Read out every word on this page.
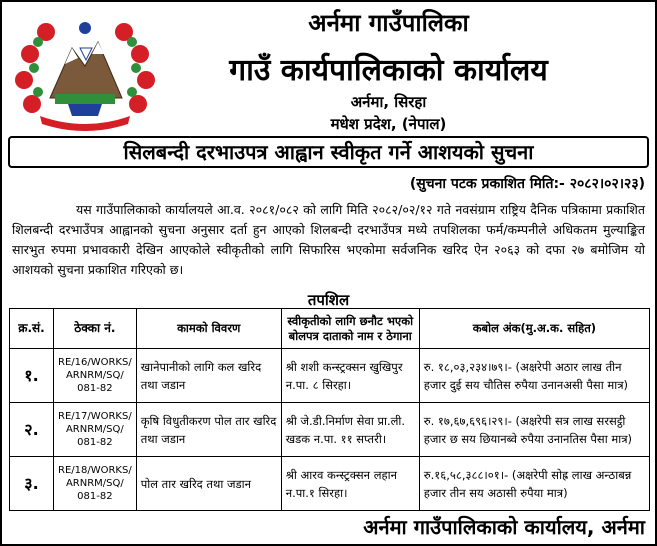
अर्नमा गाउँपालिका
गाउँ कार्यपालिकाको कार्यालय
अर्नमा, सिरहा
मधेश प्रदेश, (नेपाल)
सिलबन्दी दरभाउपत्र आह्वान स्वीकृत गर्ने आशयको सुचना
(सुचना पटक प्रकाशित मिति:- २०८२।०२।२३)
यस गाउँपालिकाको कार्यालयले आ.व. २०८१/०८२ को लागि मिति २०८२/०२/१२ गते नवसंग्राम राष्ट्रिय दैनिक पत्रिकामा प्रकाशित शिलबन्दी दरभाउँपत्र आह्वानको सुचना अनुसार दर्ता हुन आएको शिलबन्दी दरभाउँपत्र मध्ये तपशिलका फर्म/कम्पनीले अधिकतम मुल्याङ्कित सारभुत रुपमा प्रभावकारी देखिन आएकोले स्वीकृतीको लागि सिफारिस भएकोमा सर्वजनिक खरिद ऐन २०६३ को दफा २७ बमोजिम यो आशयको सुचना प्रकाशित गरिएको छ।
तपशिल
क्र.सं.	ठेक्का नं.	कामको विवरण	स्वीकृतीको लागि छनौट भएको बोलपत्र दाताको नाम र ठेगाना	कबोल अंक(मु.अ.क. सहित)
१.	RE/16/WORKS/ ARNRM/SQ/ 081-82	खानेपानीको लागि कल खरिद तथा जडान	श्री शशी कन्स्ट्रक्सन खुखिपुर न.पा. ८ सिरहा।	रु. १८,०३,२३४।७९।- (अक्षरेपी अठार लाख तीन हजार दुई सय चौतिस रुपैया उनानअसी पैसा मात्र)
२.	RE/17/WORKS/ ARNRM/SQ/ 081-82	कृषि विधुतीकरण पोल तार खरिद तथा जडान	श्री जे.डी.निर्माण सेवा प्रा.ली. खडक न.पा. ११ सप्तरी।	रु. १७,६७,६९६।२९।- (अक्षरेपी सत्र लाख सरसट्ठी हजार छ सय छियानब्वे रुपैया उनानतिस पैसा मात्र)
३.	RE/18/WORKS/ ARNRM/SQ/ 081-82	पोल तार खरिद तथा जडान	श्री आरव कन्स्ट्रक्सन लहान न.पा.१ सिरहा।	रु.१६,५८,३८८।०१।- (अक्षरेपी सोह्र लाख अन्ठाबन्न हजार तीन सय अठासी रुपैया मात्र)
अर्नमा गाउँपालिकाको कार्यालय, अर्नमा
